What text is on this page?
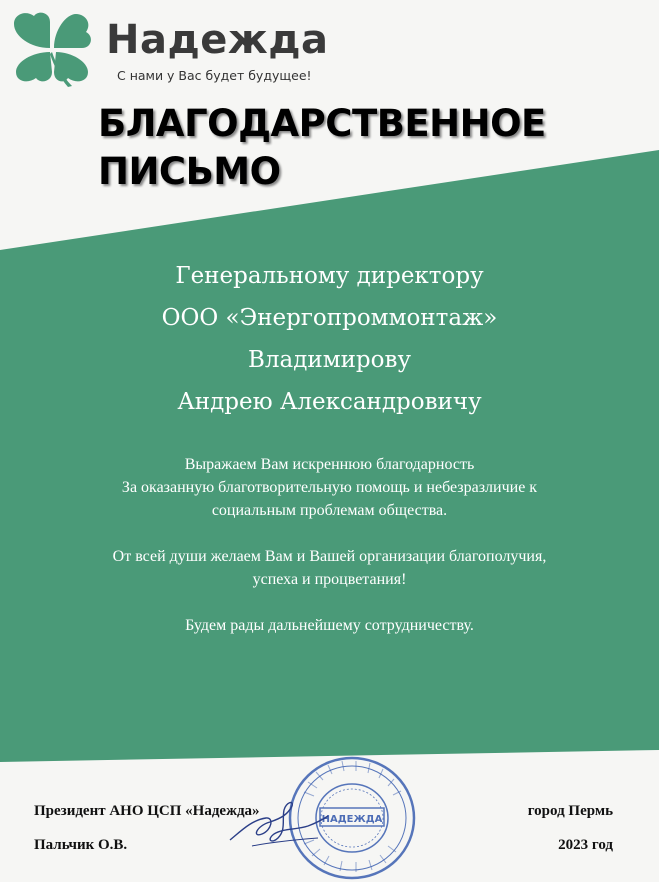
Надежда
С нами у Вас будет будущее!
БЛАГОДАРСТВЕННОЕ
ПИСЬМО
Генеральному директору
ООО «Энергопроммонтаж»
Владимирову
Андрею Александровичу

Выражаем Вам искреннюю благодарность
За оказанную благотворительную помощь и небезразличие к
социальным проблемам общества.

От всей души желаем Вам и Вашей организации благополучия,
успеха и процветания!

Будем рады дальнейшему сотрудничеству.

НАДЕЖДА
Президент АНО ЦСП «Надежда»
Пальчик О.В.
город Пермь
2023 год
